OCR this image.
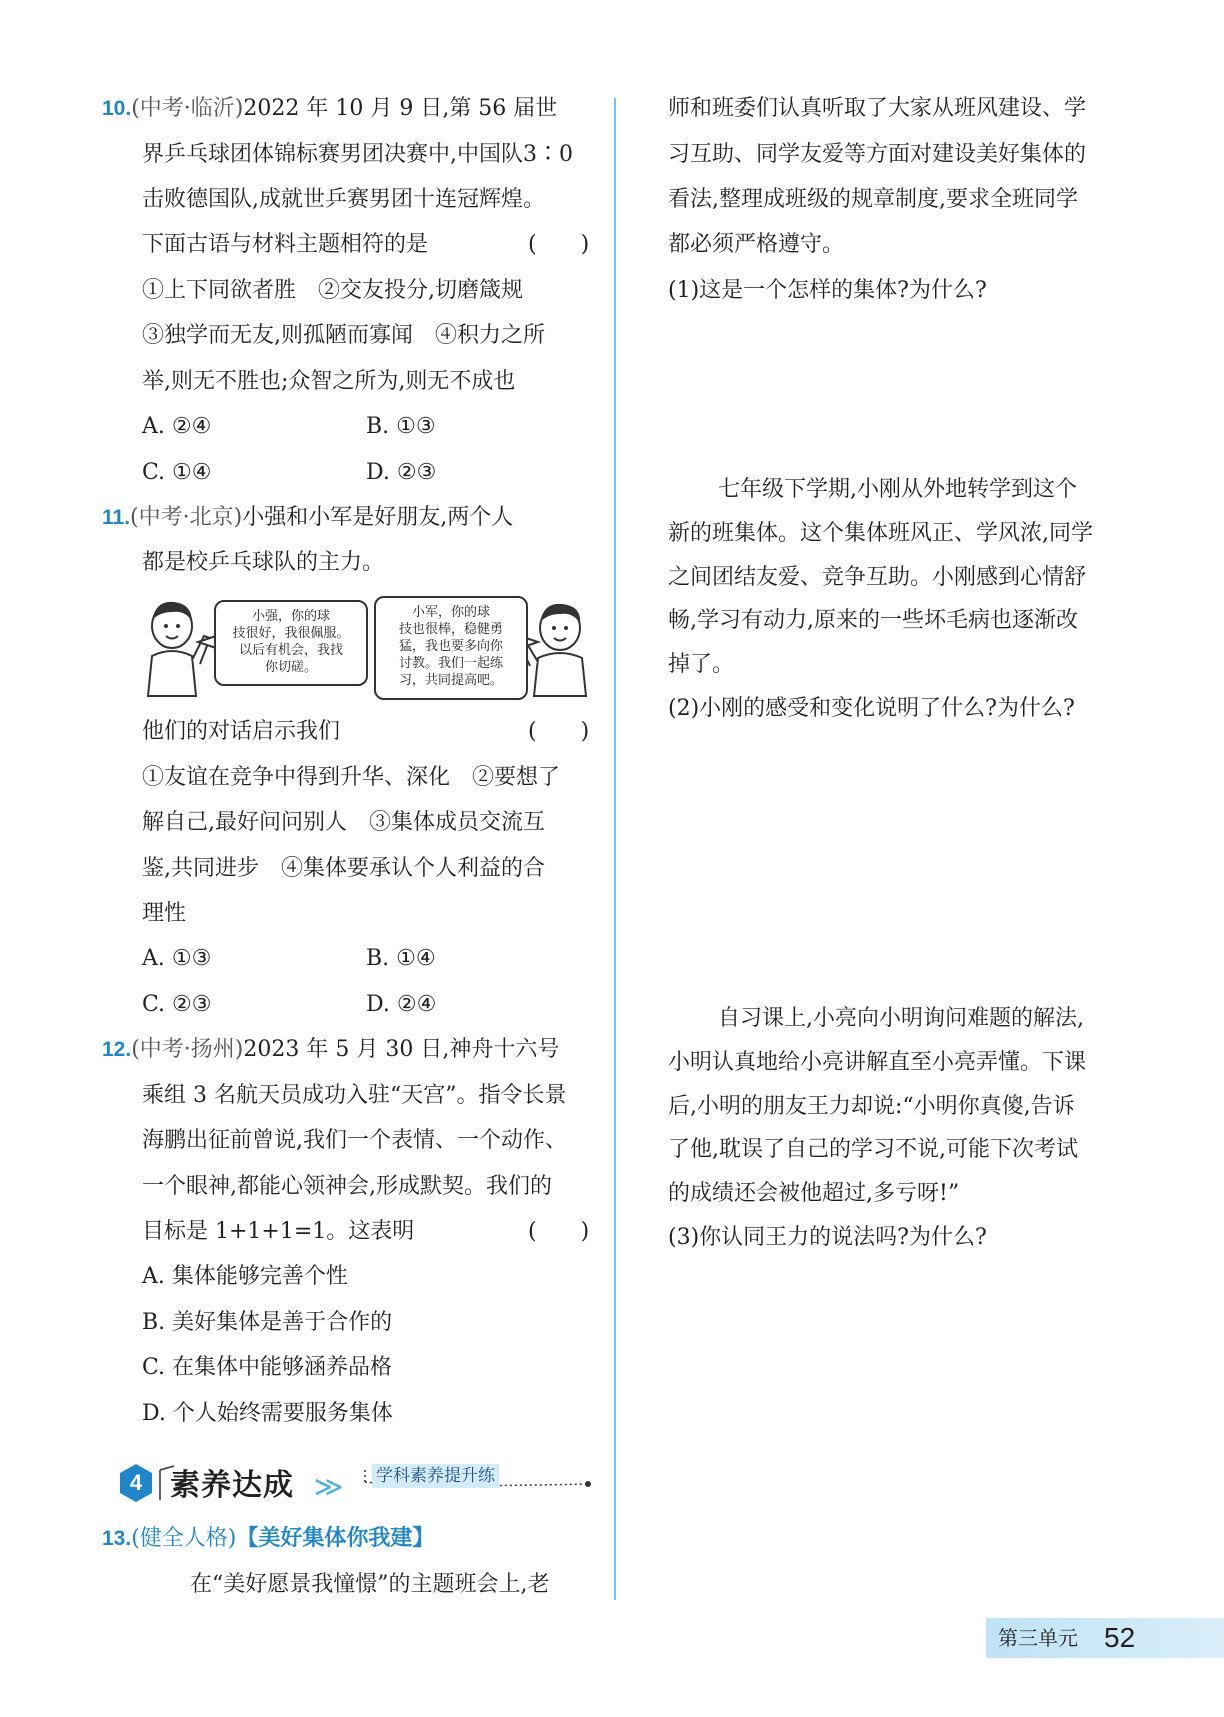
10.(中考·临沂)2022 年 10 月 9 日,第 56 届世
界乒乓球团体锦标赛男团决赛中,中国队3∶0
击败德国队,成就世乒赛男团十连冠辉煌。
下面古语与材料主题相符的是	(　　)
①上下同欲者胜　②交友投分,切磨箴规
③独学而无友,则孤陋而寡闻　④积力之所
举,则无不胜也;众智之所为,则无不成也
A. ②④	B. ①③
C. ①④	D. ②③
11.(中考·北京)小强和小军是好朋友,两个人
都是校乒乓球队的主力。
小强，你的球
技很好，我很佩服。
以后有机会，我找
你切磋。
小军，你的球
技也很棒，稳健勇
猛，我也要多向你
讨教。我们一起练
习，共同提高吧。
他们的对话启示我们	(　　)
①友谊在竞争中得到升华、深化　②要想了
解自己,最好问问别人　③集体成员交流互
鉴,共同进步　④集体要承认个人利益的合
理性
A. ①③	B. ①④
C. ②③	D. ②④
12.(中考·扬州)2023 年 5 月 30 日,神舟十六号
乘组 3 名航天员成功入驻“天宫”。指令长景
海鹏出征前曾说,我们一个表情、一个动作、
一个眼神,都能心领神会,形成默契。我们的
目标是 1+1+1=1。这表明	(　　)
A. 集体能够完善个性
B. 美好集体是善于合作的
C. 在集体中能够涵养品格
D. 个人始终需要服务集体
4 素养达成 ≫ 学科素养提升练
13.(健全人格)【美好集体你我建】
在“美好愿景我憧憬”的主题班会上,老
师和班委们认真听取了大家从班风建设、学
习互助、同学友爱等方面对建设美好集体的
看法,整理成班级的规章制度,要求全班同学
都必须严格遵守。
(1)这是一个怎样的集体?为什么?
七年级下学期,小刚从外地转学到这个
新的班集体。这个集体班风正、学风浓,同学
之间团结友爱、竞争互助。小刚感到心情舒
畅,学习有动力,原来的一些坏毛病也逐渐改
掉了。
(2)小刚的感受和变化说明了什么?为什么?
自习课上,小亮向小明询问难题的解法,
小明认真地给小亮讲解直至小亮弄懂。下课
后,小明的朋友王力却说:“小明你真傻,告诉
了他,耽误了自己的学习不说,可能下次考试
的成绩还会被他超过,多亏呀!”
(3)你认同王力的说法吗?为什么?
第三单元 52
